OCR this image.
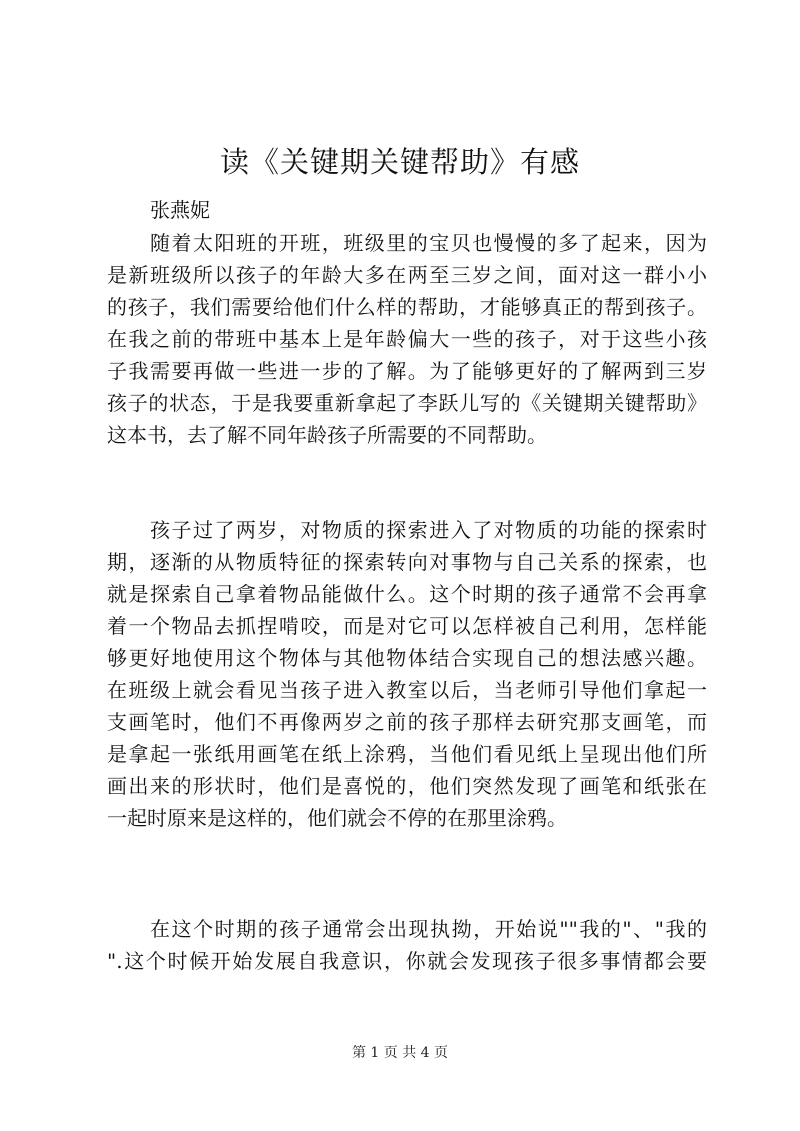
读《关键期关键帮助》有感
张燕妮
随着太阳班的开班，班级里的宝贝也慢慢的多了起来，因为
是新班级所以孩子的年龄大多在两至三岁之间，面对这一群小小
的孩子，我们需要给他们什么样的帮助，才能够真正的帮到孩子。
在我之前的带班中基本上是年龄偏大一些的孩子，对于这些小孩
子我需要再做一些进一步的了解。为了能够更好的了解两到三岁
孩子的状态，于是我要重新拿起了李跃儿写的《关键期关键帮助》
这本书，去了解不同年龄孩子所需要的不同帮助。
孩子过了两岁，对物质的探索进入了对物质的功能的探索时
期，逐渐的从物质特征的探索转向对事物与自己关系的探索，也
就是探索自己拿着物品能做什么。这个时期的孩子通常不会再拿
着一个物品去抓捏啃咬，而是对它可以怎样被自己利用，怎样能
够更好地使用这个物体与其他物体结合实现自己的想法感兴趣。
在班级上就会看见当孩子进入教室以后，当老师引导他们拿起一
支画笔时，他们不再像两岁之前的孩子那样去研究那支画笔，而
是拿起一张纸用画笔在纸上涂鸦，当他们看见纸上呈现出他们所
画出来的形状时，他们是喜悦的，他们突然发现了画笔和纸张在
一起时原来是这样的，他们就会不停的在那里涂鸦。
在这个时期的孩子通常会出现执拗，开始说""我的"、"我的
".这个时候开始发展自我意识，你就会发现孩子很多事情都会要
第 1 页 共 4 页
